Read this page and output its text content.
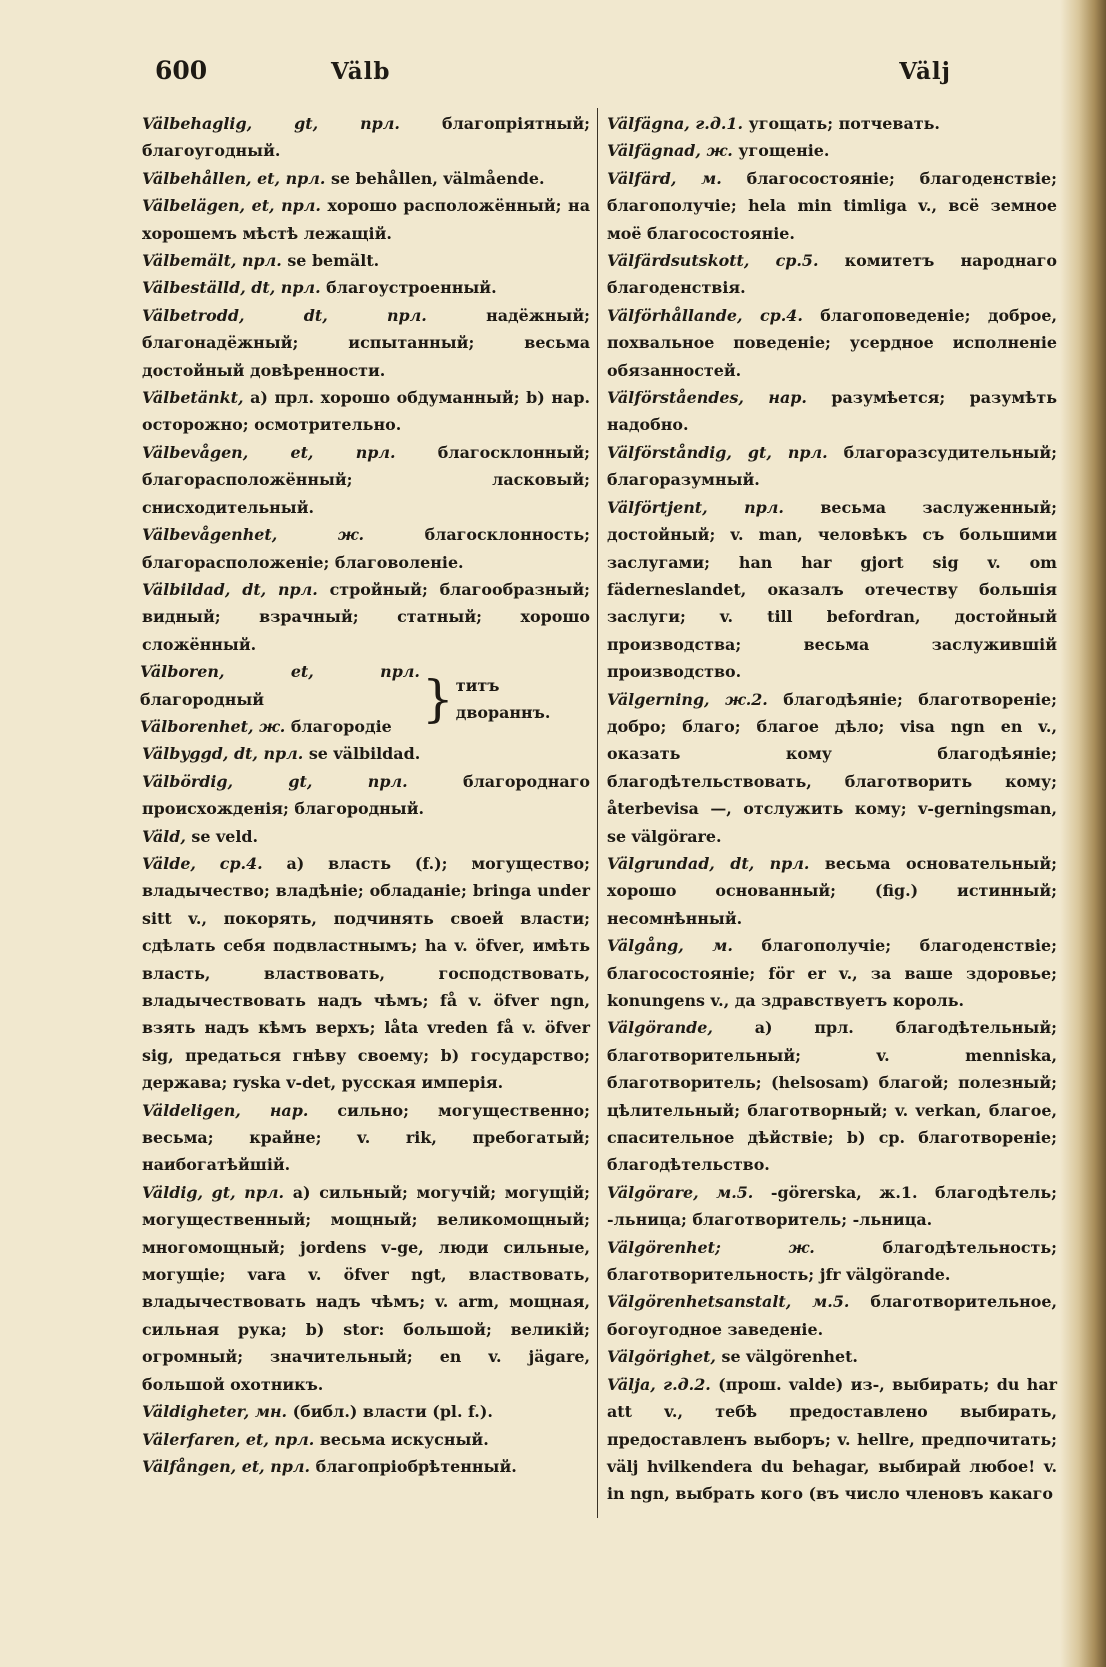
600	Välb	Välj

Välbehaglig, gt, прл.	благопріятный; благоугодный.

Välbehållen, et, прл. se behållen, välmående.

Välbelägen, et, прл. хорошо расположённый; на хорошемъ мѣстѣ лежащій.

Välbemält, прл. se bemält.

Välbeställd, dt, прл. благоустроенный.

Välbetrodd, dt, прл.	надёжный; благонадёжный; испытанный; весьма достойный довѣренности.

Välbetänkt, a) прл. хорошо обдуманный; b) нар. осторожно; осмотрительно.

Välbevågen, et, прл.	благосклонный; благорасположённый; ласковый; снисходительный.

Välbevågenhet, ж.	благосклонность; благорасположеніе; благоволеніе.

Välbildad, dt, прл. стройный; благообразный; видный; взрачный; статный; хорошо сложённый.

Välboren, et, прл. благородный
Välborenhet, ж. благородіе } титъ двораннъ.

Välbyggd, dt, прл. se välbildad.

Välbördig, gt, прл.	благороднаго происхожденія; благородный.

Väld, se veld.

Välde, ср.4. a) власть (f.); могущество; владычество; владѣніе; обладаніе; bringa under sitt v., покорять, подчинять своей власти; сдѣлать себя подвластнымъ; ha v. öfver, имѣть власть, властвовать, господствовать, владычествовать надъ чѣмъ; få v. öfver ngn, взять надъ кѣмъ верхъ; låta vreden få v. öfver sig, предаться гнѣву своему; b) государство; держава; ryska v-det, русская имперія.

Väldeligen, нар. сильно; могущественно; весьма; крайне; v. rik, пребогатый; наибогатѣйшій.

Väldig, gt, прл. a) сильный; могучій; могущій; могущественный; мощный; великомощный; многомощный; jordens v-ge, люди сильные, могущіе; vara v. öfver ngt, властвовать, владычествовать надъ чѣмъ; v. arm, мощная, сильная рука; b) stor: большой; великій; огромный; значительный; en v. jägare, большой охотникъ.

Väldigheter, мн. (библ.) власти (pl. f.).

Välerfaren, et, прл. весьма искусный.

Välfången, et, прл. благопріобрѣтенный.

Välfägna, г.д.1. угощать; потчевать.

Välfägnad, ж. угощеніе.

Välfärd, м. благосостояніе; благоденствіе; благополучіе; hela min timliga v., всё земное моё благосостояніе.

Välfärdsutskott, ср.5. комитетъ народнаго благоденствія.

Välförhållande, ср.4. благоповеденіе; доброе, похвальное поведеніе; усердное исполненіе обязанностей.

Välförståendes, нар. разумѣется; разумѣть надобно.

Välförståndig, gt, прл. благоразсудительный; благоразумный.

Välförtjent, прл. весьма заслуженный; достойный; v. man, человѣкъ съ большими заслугами; han har gjort sig v. om fäderneslandet, оказалъ отечеству большія заслуги; v. till befordran, достойный производства; весьма заслужившій производство.

Välgerning, ж.2. благодѣяніе; благотвореніе; добро; благо; благое дѣло; visa ngn en v., оказать кому благодѣяніе; благодѣтельствовать, благотворить кому; återbevisa —, отслужить кому; v-gerningsman, se välgörare.

Välgrundad, dt, прл. весьма основательный; хорошо основанный; (fig.) истинный; несомнѣнный.

Välgång, м. благополучіе; благоденствіе; благосостояніе; för er v., за ваше здоровье; konungens v., да здравствуетъ король.

Välgörande,	a) прл. благодѣтельный; благотворительный; v. menniska, благотворитель; (helsosam) благой; полезный; цѣлительный; благотворный; v. verkan, благое, спасительное дѣйствіе; b) ср. благотвореніе; благодѣтельство.

Välgörare, м.5. -görerska, ж.1. благодѣтель; -льница; благотворитель; -льница.

Välgörenhet; ж.	благодѣтельность; благотворительность; jfr välgörande.

Välgörenhetsanstalt, м.5. благотворительное, богоугодное заведеніе.

Välgörighet, se välgörenhet.

Välja, г.д.2. (прош. valde) из-, выбирать; du har att v., тебѣ предоставлено выбирать, предоставленъ выборъ; v. hellre, предпочитать; välj hvilkendera du behagar, выбирай любое! v. in ngn, выбрать кого (въ число членовъ какаго
